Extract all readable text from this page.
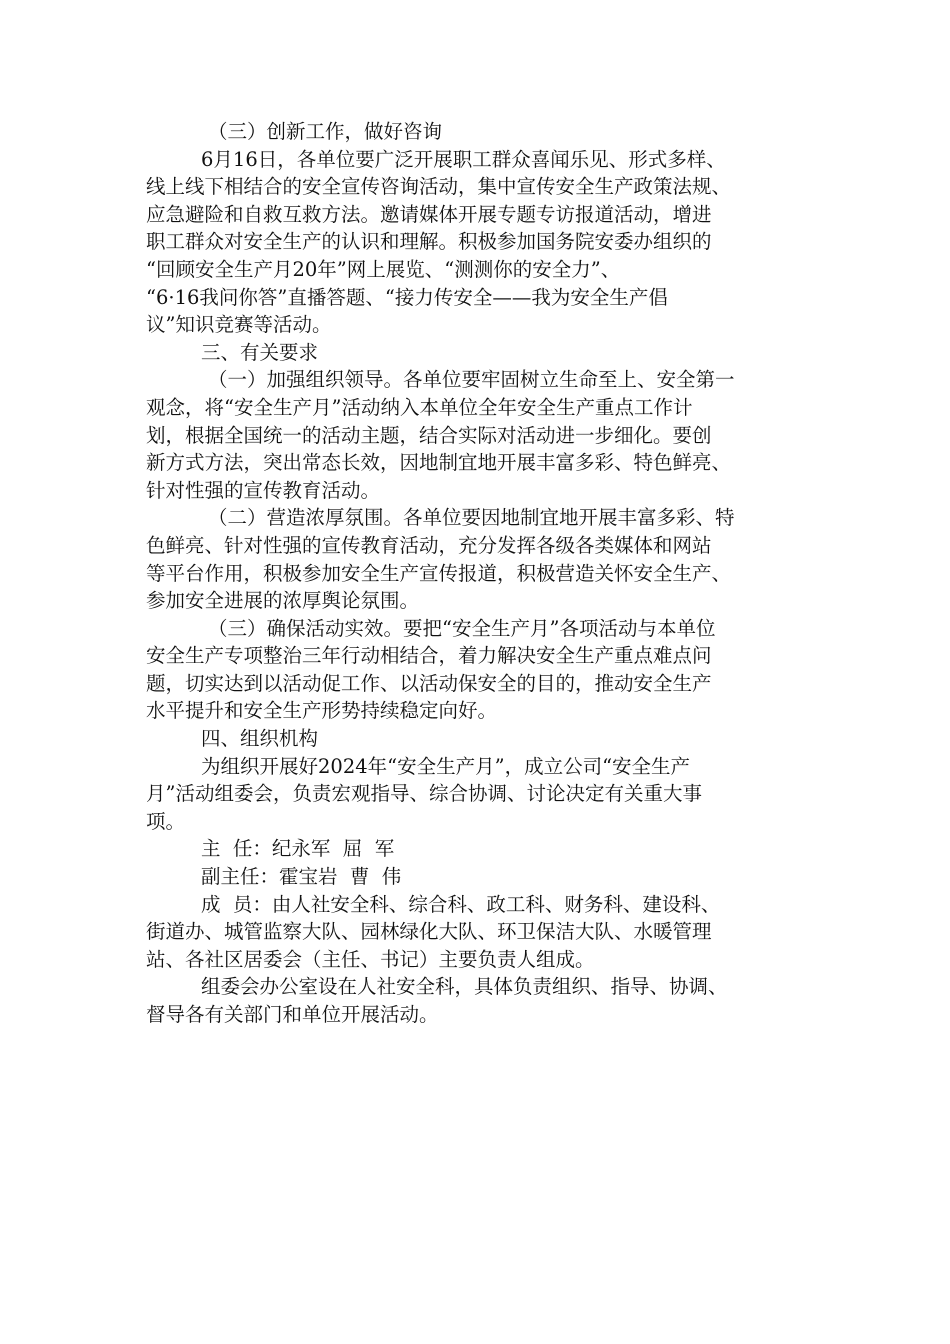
（三）创新工作，做好咨询
6月16日，各单位要广泛开展职工群众喜闻乐见、形式多样、
线上线下相结合的安全宣传咨询活动，集中宣传安全生产政策法规、
应急避险和自救互救方法。邀请媒体开展专题专访报道活动，增进
职工群众对安全生产的认识和理解。积极参加国务院安委办组织的
“回顾安全生产月20年”网上展览、“测测你的安全力”、
“6·16我问你答”直播答题、“接力传安全——我为安全生产倡
议”知识竞赛等活动。
三、有关要求
（一）加强组织领导。各单位要牢固树立生命至上、安全第一
观念，将“安全生产月”活动纳入本单位全年安全生产重点工作计
划，根据全国统一的活动主题，结合实际对活动进一步细化。要创
新方式方法，突出常态长效，因地制宜地开展丰富多彩、特色鲜亮、
针对性强的宣传教育活动。
（二）营造浓厚氛围。各单位要因地制宜地开展丰富多彩、特
色鲜亮、针对性强的宣传教育活动，充分发挥各级各类媒体和网站
等平台作用，积极参加安全生产宣传报道，积极营造关怀安全生产、
参加安全进展的浓厚舆论氛围。
（三）确保活动实效。要把“安全生产月”各项活动与本单位
安全生产专项整治三年行动相结合，着力解决安全生产重点难点问
题，切实达到以活动促工作、以活动保安全的目的，推动安全生产
水平提升和安全生产形势持续稳定向好。
四、组织机构
为组织开展好2024年“安全生产月”，成立公司“安全生产
月”活动组委会，负责宏观指导、综合协调、讨论决定有关重大事
项。
主  任：纪永军  屈  军
副主任：霍宝岩  曹  伟
成  员：由人社安全科、综合科、政工科、财务科、建设科、
街道办、城管监察大队、园林绿化大队、环卫保洁大队、水暖管理
站、各社区居委会（主任、书记）主要负责人组成。
组委会办公室设在人社安全科，具体负责组织、指导、协调、
督导各有关部门和单位开展活动。
